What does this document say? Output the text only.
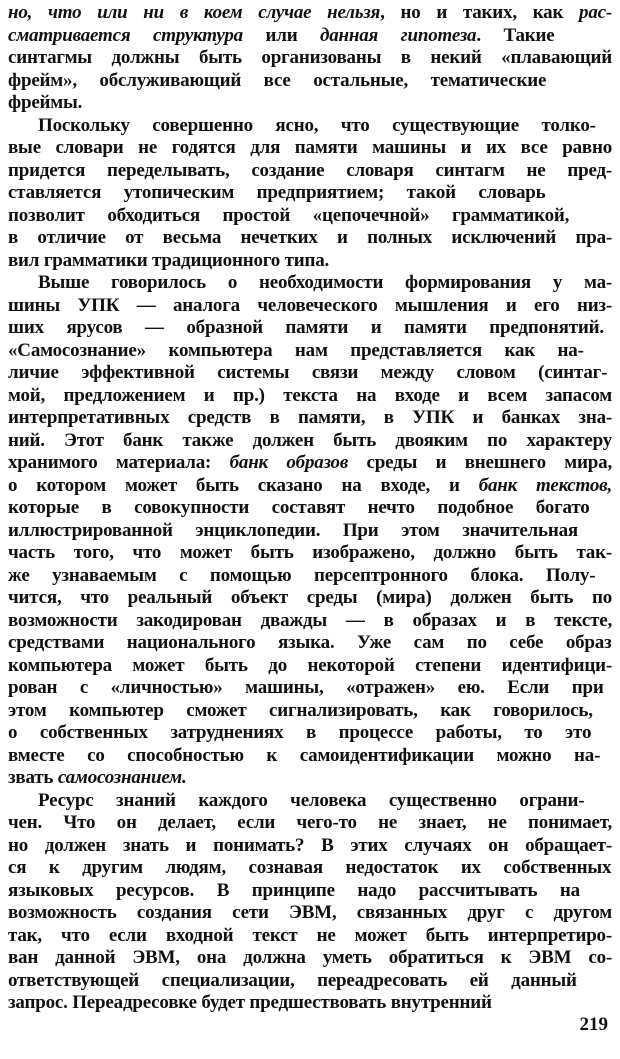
но, что или ни в коем случае нельзя, но и таких, как рас-
сматривается структура или данная гипотеза. Такие
синтагмы должны быть организованы в некий «плавающий
фрейм», обслуживающий все остальные, тематические
фреймы.
Поскольку совершенно ясно, что существующие толко-
вые словари не годятся для памяти машины и их все равно
придется переделывать, создание словаря синтагм не пред-
ставляется утопическим предприятием; такой словарь
позволит обходиться простой «цепочечной» грамматикой,
в отличие от весьма нечетких и полных исключений пра-
вил грамматики традиционного типа.
Выше говорилось о необходимости формирования у ма-
шины УПК — аналога человеческого мышления и его низ-
ших ярусов — образной памяти и памяти предпонятий.
«Самосознание» компьютера нам представляется как на-
личие эффективной системы связи между словом (синтаг-
мой, предложением и пр.) текста на входе и всем запасом
интерпретативных средств в памяти, в УПК и банках зна-
ний. Этот банк также должен быть двояким по характеру
хранимого материала: банк образов среды и внешнего мира,
о котором может быть сказано на входе, и банк текстов,
которые в совокупности составят нечто подобное богато
иллюстрированной энциклопедии. При этом значительная
часть того, что может быть изображено, должно быть так-
же узнаваемым с помощью персептронного блока. Полу-
чится, что реальный объект среды (мира) должен быть по
возможности закодирован дважды — в образах и в тексте,
средствами национального языка. Уже сам по себе образ
компьютера может быть до некоторой степени идентифици-
рован с «личностью» машины, «отражен» ею. Если при
этом компьютер сможет сигнализировать, как говорилось,
о собственных затруднениях в процессе работы, то это
вместе со способностью к самоидентификации можно на-
звать самосознанием.
Ресурс знаний каждого человека существенно ограни-
чен. Что он делает, если чего-то не знает, не понимает,
но должен знать и понимать? В этих случаях он обращает-
ся к другим людям, сознавая недостаток их собственных
языковых ресурсов. В принципе надо рассчитывать на
возможность создания сети ЭВМ, связанных друг с другом
так, что если входной текст не может быть интерпретиро-
ван данной ЭВМ, она должна уметь обратиться к ЭВМ со-
ответствующей специализации, переадресовать ей данный
запрос. Переадресовке будет предшествовать внутренний
219
